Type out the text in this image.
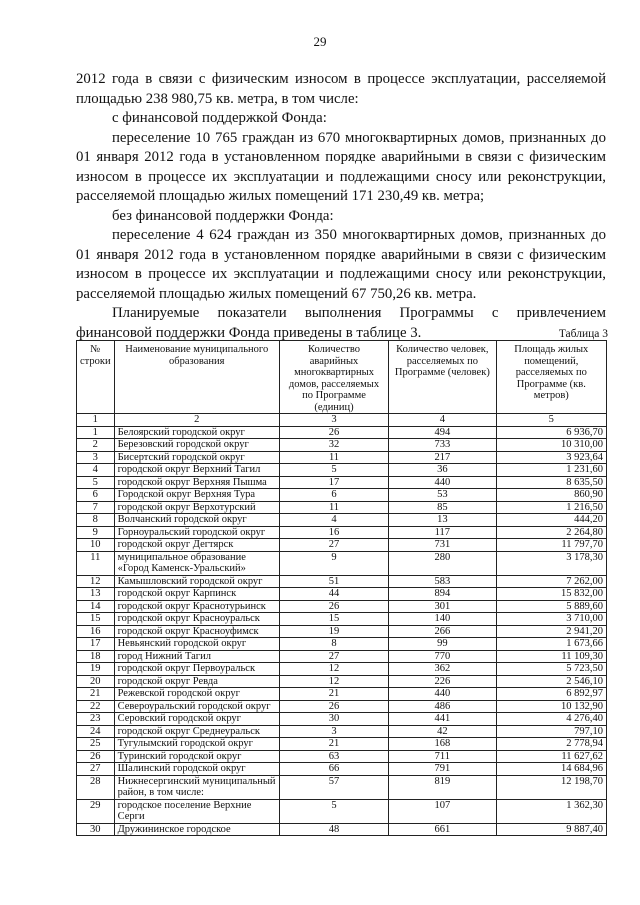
29

2012 года в связи с физическим износом в процессе эксплуатации, расселяемой площадью 238 980,75 кв. метра, в том числе:

с финансовой поддержкой Фонда:

переселение 10 765 граждан из 670 многоквартирных домов, признанных до 01 января 2012 года в установленном порядке аварийными в связи с физическим износом в процессе их эксплуатации и подлежащими сносу или реконструкции, расселяемой площадью жилых помещений 171 230,49 кв. метра;

без финансовой поддержки Фонда:

переселение 4 624 граждан из 350 многоквартирных домов, признанных до 01 января 2012 года в установленном порядке аварийными в связи с физическим износом в процессе их эксплуатации и подлежащими сносу или реконструкции, расселяемой площадью жилых помещений 67 750,26 кв. метра.

Планируемые показатели выполнения Программы с привлечением финансовой поддержки Фонда приведены в таблице 3.	Таблица 3
№ строки	Наименование муниципального образования	Количество аварийных многоквартирных домов, расселяемых по Программе (единиц)	Количество человек, расселяемых по Программе (человек)	Площадь жилых помещений, расселяемых по Программе (кв. метров)
1	2	3	4	5
1	Белоярский городской округ	26	494	6 936,70
2	Березовский городской округ	32	733	10 310,00
3	Бисертский городской округ	11	217	3 923,64
4	городской округ Верхний Тагил	5	36	1 231,60
5	городской округ Верхняя Пышма	17	440	8 635,50
6	Городской округ Верхняя Тура	6	53	860,90
7	городской округ Верхотурский	11	85	1 216,50
8	Волчанский городской округ	4	13	444,20
9	Горноуральский городской округ	16	117	2 264,80
10	городской округ Дегтярск	27	731	11 797,70
11	муниципальное образование «Город Каменск-Уральский»	9	280	3 178,30
12	Камышловский городской округ	51	583	7 262,00
13	городской округ Карпинск	44	894	15 832,00
14	городской округ Краснотурьинск	26	301	5 889,60
15	городской округ Красноуральск	15	140	3 710,00
16	городской округ Красноуфимск	19	266	2 941,20
17	Невьянский городской округ	8	99	1 673,66
18	город Нижний Тагил	27	770	11 109,30
19	городской округ Первоуральск	12	362	5 723,50
20	городской округ Ревда	12	226	2 546,10
21	Режевской городской округ	21	440	6 892,97
22	Североуральский городской округ	26	486	10 132,90
23	Серовский городской округ	30	441	4 276,40
24	городской округ Среднеуральск	3	42	797,10
25	Тугулымский городской округ	21	168	2 778,94
26	Туринский городской округ	63	711	11 627,62
27	Шалинский городской округ	66	791	14 684,96
28	Нижнесергинский муниципальный район, в том числе:	57	819	12 198,70
29	городское поселение Верхние Серги	5	107	1 362,30
30	Дружининское городское	48	661	9 887,40
